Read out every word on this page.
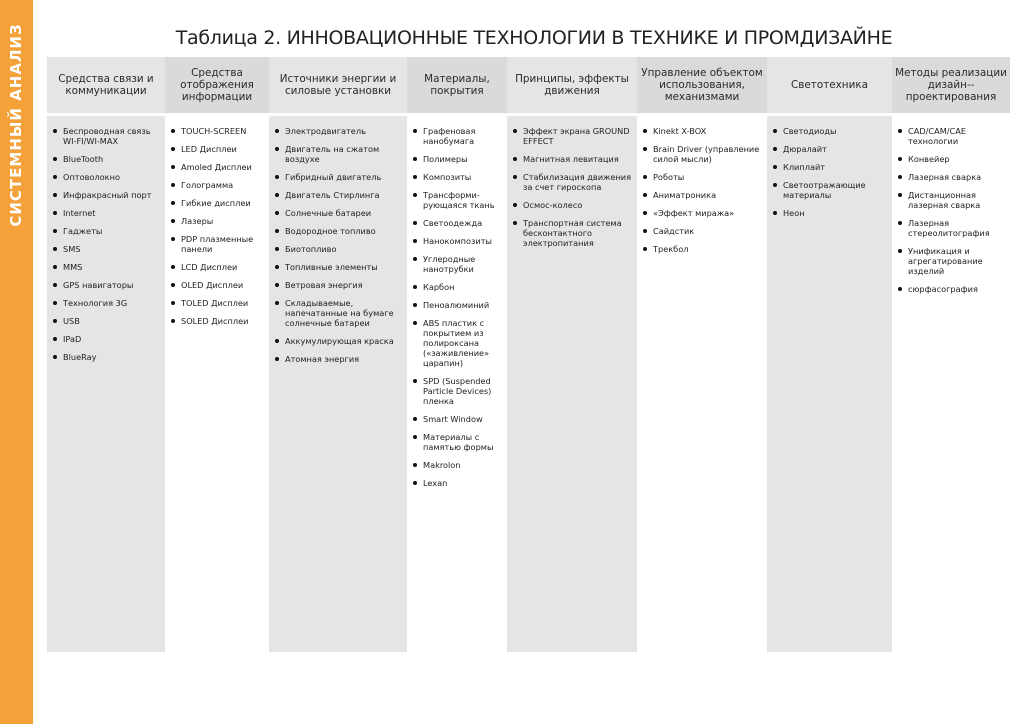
СИСТЕМНЫЙ АНАЛИЗ	Таблица 2. ИННОВАЦИОННЫЕ ТЕХНОЛОГИИ В ТЕХНИКЕ И ПРОМДИЗАЙНЕ
Средства связи и коммуникации
Беспроводная связь WI-FI/WI-MAX
BlueTooth
Оптоволокно
Инфракрасный порт
Internet
Гаджеты
SMS
MMS
GPS навигаторы
Технология 3G
USB
IPaD
BlueRay
Средства отображения информации
TOUCH-SCREEN
LED Дисплеи
Amoled Дисплеи
Голограмма
Гибкие дисплеи
Лазеры
PDP плазменные панели
LCD Дисплеи
OLED Дисплеи
TOLED Дисплеи
SOLED Дисплеи
Источники энергии и силовые установки
Электродвигатель
Двигатель на сжатом воздухе
Гибридный двигатель
Двигатель Стирлинга
Солнечные батареи
Водородное топливо
Биотопливо
Топливные элементы
Ветровая энергия
Складываемые, напечатанные на бумаге солнечные батареи
Аккумулирующая краска
Атомная энергия
Материалы, покрытия
Графеновая нанобумага
Полимеры
Композиты
Трансформи-рующаяся ткань
Светоодежда
Нанокомпозиты
Углеродные нанотрубки
Карбон
Пеноалюминий
ABS пластик с покрытием из полироксана («заживление» царапин)
SPD (Suspended Particle Devices) пленка
Smart Window
Материалы с памятью формы
Makrolon
Lexan
Принципы, эффекты движения
Эффект экрана GROUND EFFECT
Магнитная левитация
Стабилизация движения за счет гироскопа
Осмос-колесо
Транспортная система бесконтактного электропитания
Управление объектом использования, механизмами
Kinekt X-BOX
Brain Driver (управление силой мысли)
Роботы
Аниматроника
«Эффект миража»
Сайдстик
Трекбол
Светотехника
Светодиоды
Дюралайт
Клиплайт
Светоотражающие материалы
Неон
Методы реализации дизайн--проектирования
CAD/CAM/CAE технологии
Конвейер
Лазерная сварка
Дистанционная лазерная сварка
Лазерная стереолитография
Унификация и агрегатирование изделий
сюрфасография
